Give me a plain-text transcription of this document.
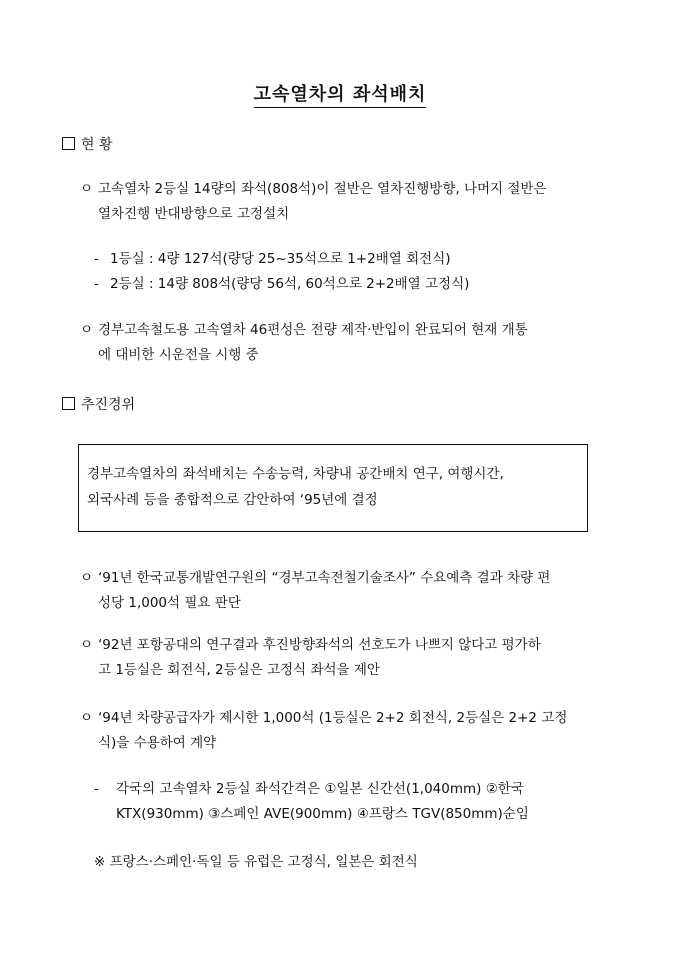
고속열차의 좌석배치
현 황
ㅇ 고속열차 2등실 14량의 좌석(808석)이 절반은 열차진행방향, 나머지 절반은
열차진행 반대방향으로 고정설치
- 1등실 : 4량 127석(량당 25~35석으로 1+2배열 회전식)
- 2등실 : 14량 808석(량당 56석, 60석으로 2+2배열 고정식)
ㅇ 경부고속철도용 고속열차 46편성은 전량 제작·반입이 완료되어 현재 개통
에 대비한 시운전을 시행 중
추진경위
경부고속열차의 좌석배치는 수송능력, 차량내 공간배치 연구, 여행시간,
외국사례 등을 종합적으로 감안하여 ‘95년에 결정
ㅇ ‘91년 한국교통개발연구원의 “경부고속전철기술조사” 수요예측 결과 차량 편
성당 1,000석 필요 판단
ㅇ ‘92년 포항공대의 연구결과 후진방향좌석의 선호도가 나쁘지 않다고 평가하
고 1등실은 회전식, 2등실은 고정식 좌석을 제안
ㅇ ‘94년 차량공급자가 제시한 1,000석 (1등실은 2+2 회전식, 2등실은 2+2 고정
식)을 수용하여 계약
-	각국의 고속열차 2등실 좌석간격은 ①일본 신간선(1,040mm) ②한국
KTX(930mm) ③스페인 AVE(900mm) ④프랑스 TGV(850mm)순임
※ 프랑스·스페인·독일 등 유럽은 고정식, 일본은 회전식
